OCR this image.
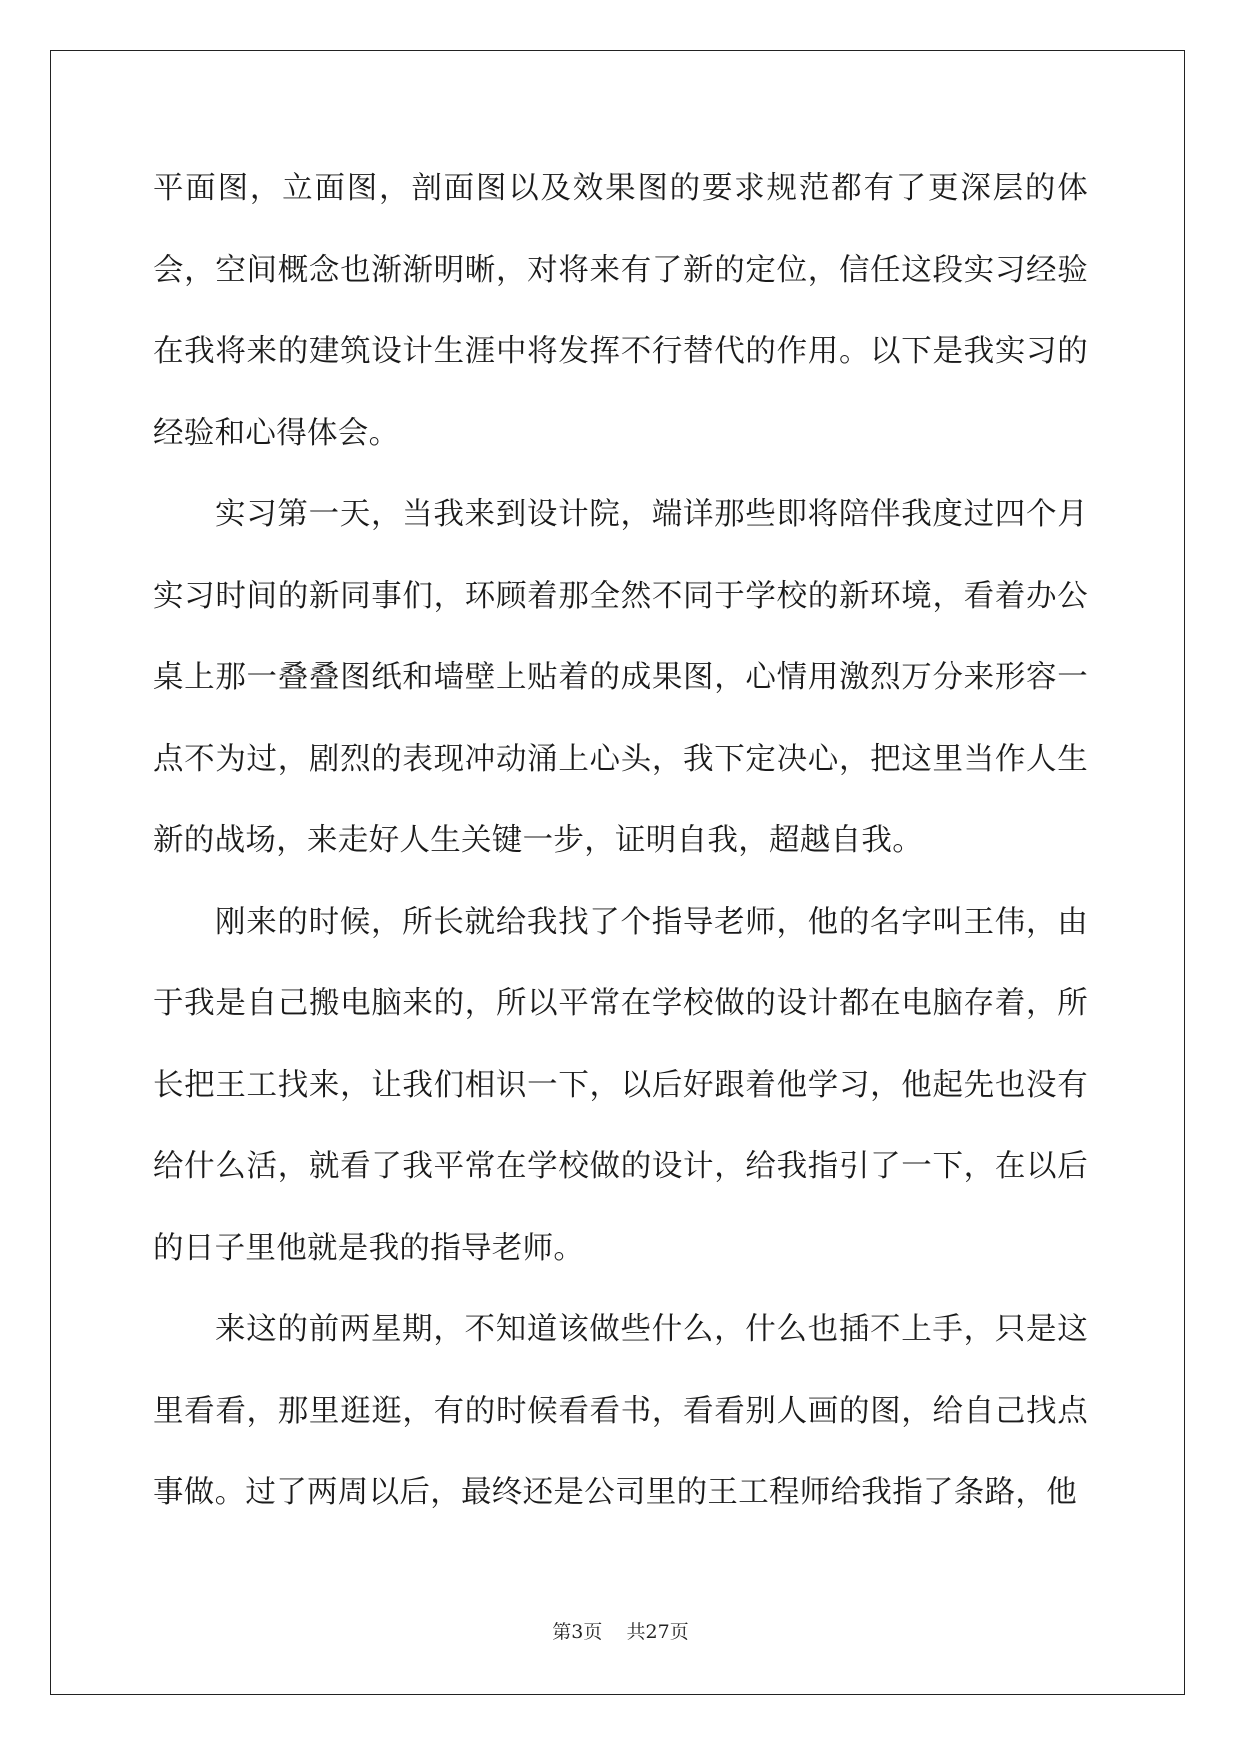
平面图，立面图，剖面图以及效果图的要求规范都有了更深层的体会，空间概念也渐渐明晰，对将来有了新的定位，信任这段实习经验在我将来的建筑设计生涯中将发挥不行替代的作用。以下是我实习的经验和心得体会。

实习第一天，当我来到设计院，端详那些即将陪伴我度过四个月实习时间的新同事们，环顾着那全然不同于学校的新环境，看着办公桌上那一叠叠图纸和墙壁上贴着的成果图，心情用激烈万分来形容一点不为过，剧烈的表现冲动涌上心头，我下定决心，把这里当作人生新的战场，来走好人生关键一步，证明自我，超越自我。

刚来的时候，所长就给我找了个指导老师，他的名字叫王伟，由于我是自己搬电脑来的，所以平常在学校做的设计都在电脑存着，所长把王工找来，让我们相识一下，以后好跟着他学习，他起先也没有给什么活，就看了我平常在学校做的设计，给我指引了一下，在以后的日子里他就是我的指导老师。

来这的前两星期，不知道该做些什么，什么也插不上手，只是这里看看，那里逛逛，有的时候看看书，看看别人画的图，给自己找点事做。过了两周以后，最终还是公司里的王工程师给我指了条路，他

第3页 共27页
